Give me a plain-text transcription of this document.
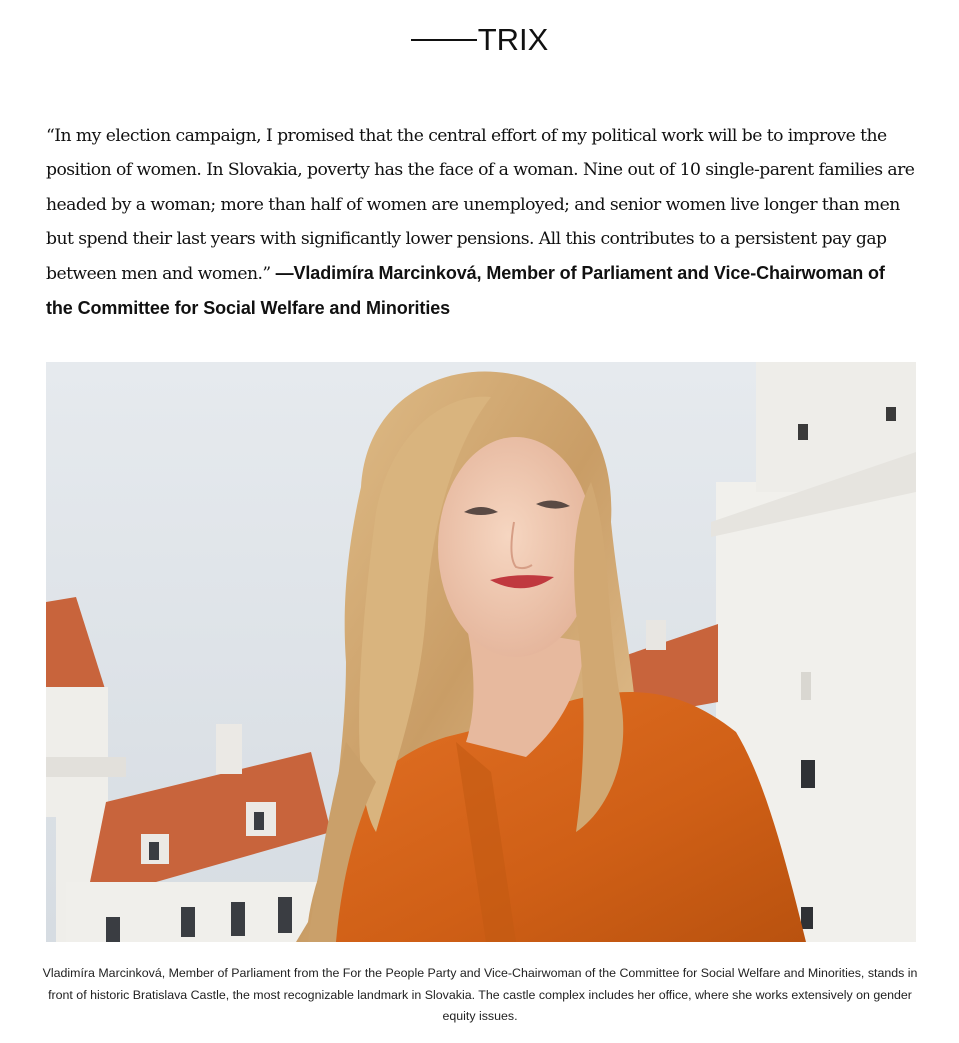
TRIX

“In my election campaign, I promised that the central effort of my political work will be to improve the position of women. In Slovakia, poverty has the face of a woman. Nine out of 10 single-parent families are headed by a woman; more than half of women are unemployed; and senior women live longer than men but spend their last years with significantly lower pensions. All this contributes to a persistent pay gap between men and women.” —Vladimíra Marcinková, Member of Parliament and Vice-Chairwoman of the Committee for Social Welfare and Minorities

Vladimíra Marcinková, Member of Parliament from the For the People Party and Vice-Chairwoman of the Committee for Social Welfare and Minorities, stands in front of historic Bratislava Castle, the most recognizable landmark in Slovakia. The castle complex includes her office, where she works extensively on gender equity issues.
